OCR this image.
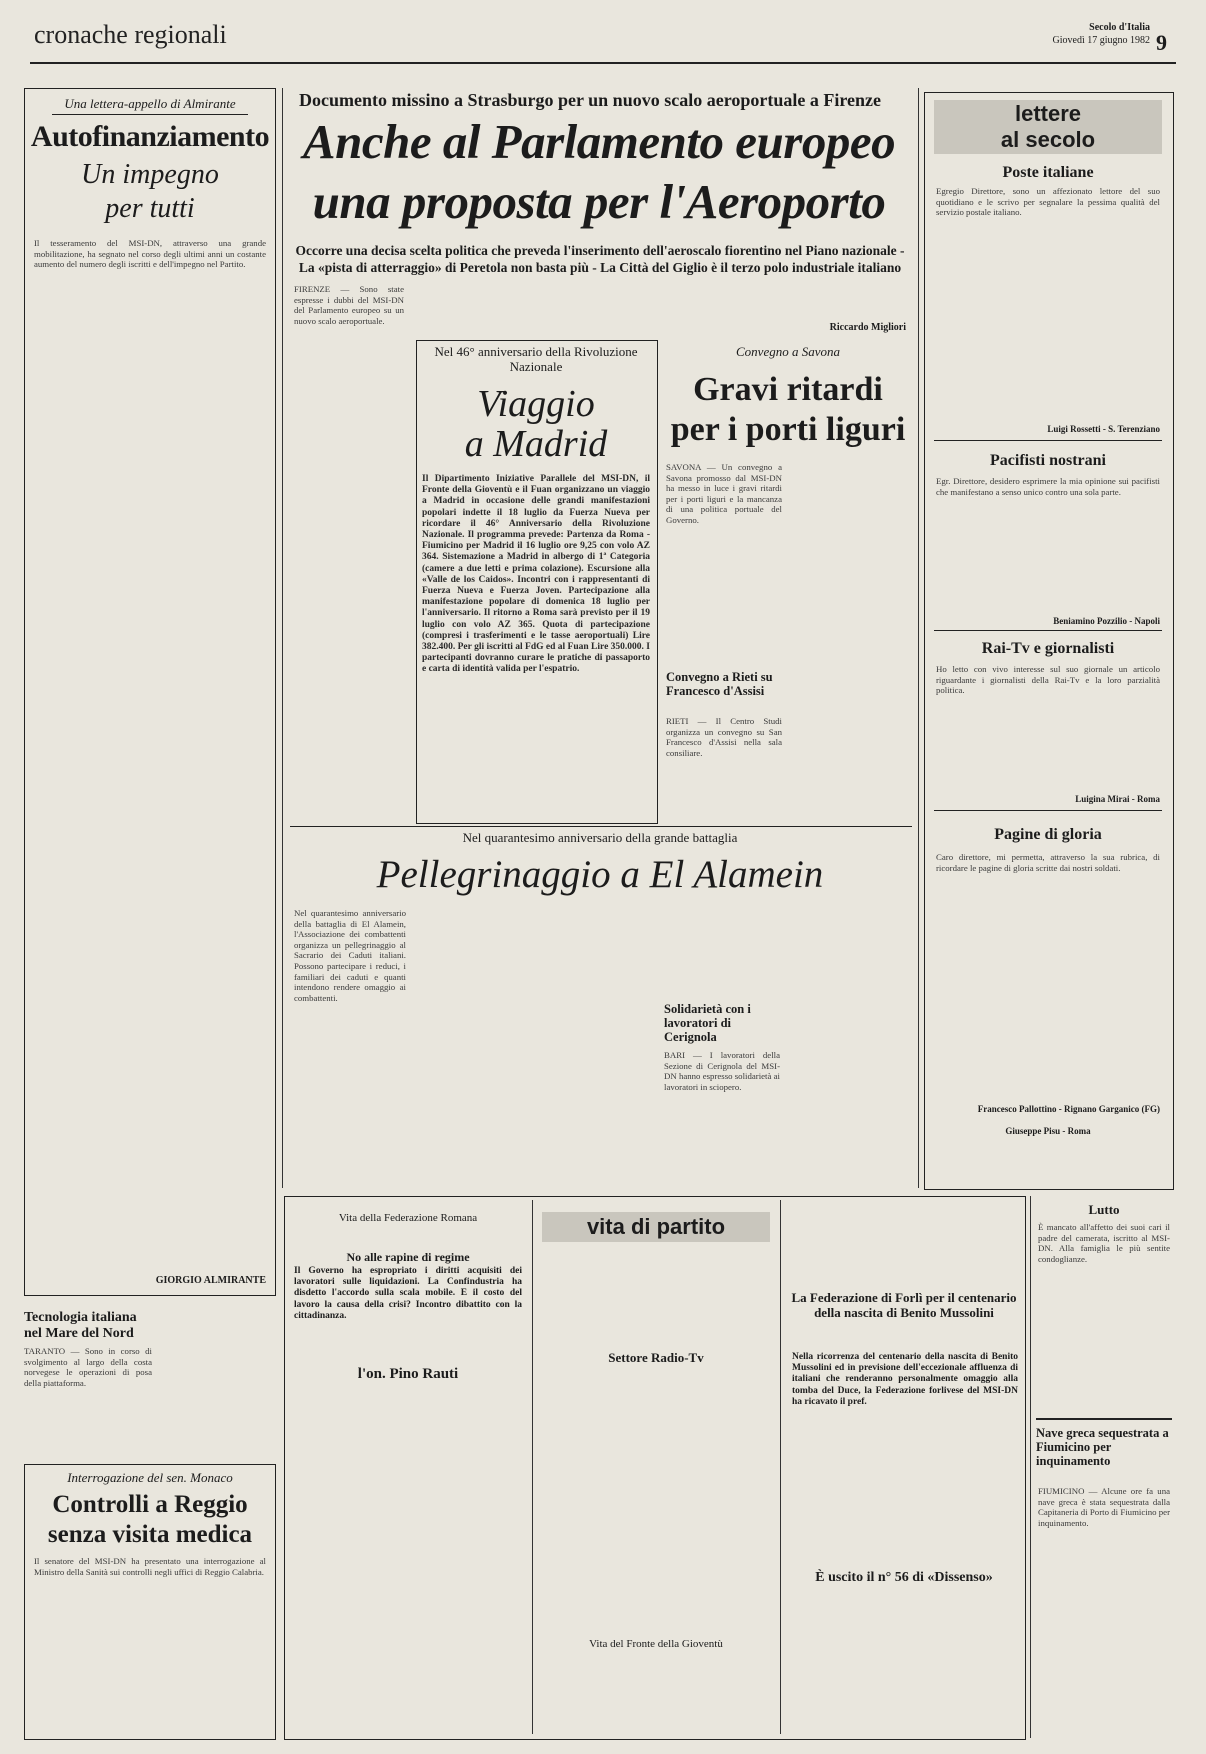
cronache regionali	Secolo d'Italia
Giovedì 17 giugno 1982 9
Una lettera-appello di Almirante
Autofinanziamento
Un impegno per tutti
Il tesseramento del MSI-DN, attraverso una grande mobilitazione, ha segnato nel corso degli ultimi anni un costante aumento del numero degli iscritti e dell'impegno nel Partito.
GIORGIO ALMIRANTE
Tecnologia italiana nel Mare del Nord
TARANTO — Sono in corso di svolgimento al largo della costa norvegese le operazioni di posa della piattaforma.
Interrogazione del sen. Monaco
Controlli a Reggio senza visita medica
Il senatore del MSI-DN ha presentato una interrogazione al Ministro della Sanità sui controlli negli uffici di Reggio Calabria.
Documento missino a Strasburgo per un nuovo scalo aeroportuale a Firenze
Anche al Parlamento europeo
una proposta per l'Aeroporto
Occorre una decisa scelta politica che preveda l'inserimento dell'aeroscalo fiorentino nel Piano nazionale - La «pista di atterraggio» di Peretola non basta più - La Città del Giglio è il terzo polo industriale italiano
FIRENZE — Sono state espresse i dubbi del MSI-DN del Parlamento europeo su un nuovo scalo aeroportuale.
Riccardo Migliori
Nel 46° anniversario della Rivoluzione Nazionale
Viaggio
a Madrid
Il Dipartimento Iniziative Parallele del MSI-DN, il Fronte della Gioventù e il Fuan organizzano un viaggio a Madrid in occasione delle grandi manifestazioni popolari indette il 18 luglio da Fuerza Nueva per ricordare il 46° Anniversario della Rivoluzione Nazionale. Il programma prevede: Partenza da Roma - Fiumicino per Madrid il 16 luglio ore 9,25 con volo AZ 364. Sistemazione a Madrid in albergo di 1ª Categoria (camere a due letti e prima colazione). Escursione alla «Valle de los Caidos». Incontri con i rappresentanti di Fuerza Nueva e Fuerza Joven. Partecipazione alla manifestazione popolare di domenica 18 luglio per l'anniversario. Il ritorno a Roma sarà previsto per il 19 luglio con volo AZ 365. Quota di partecipazione (compresi i trasferimenti e le tasse aeroportuali) Lire 382.400. Per gli iscritti al FdG ed al Fuan Lire 350.000. I partecipanti dovranno curare le pratiche di passaporto e carta di identità valida per l'espatrio.
Convegno a Savona
Gravi ritardi
per i porti liguri
SAVONA — Un convegno a Savona promosso dal MSI-DN ha messo in luce i gravi ritardi per i porti liguri e la mancanza di una politica portuale del Governo.
Convegno a Rieti su Francesco d'Assisi
RIETI — Il Centro Studi organizza un convegno su San Francesco d'Assisi nella sala consiliare.
Nel quarantesimo anniversario della grande battaglia
Pellegrinaggio a El Alamein
Nel quarantesimo anniversario della battaglia di El Alamein, l'Associazione dei combattenti organizza un pellegrinaggio al Sacrario dei Caduti italiani. Possono partecipare i reduci, i familiari dei caduti e quanti intendono rendere omaggio ai combattenti.
Solidarietà con i lavoratori di Cerignola
BARI — I lavoratori della Sezione di Cerignola del MSI-DN hanno espresso solidarietà ai lavoratori in sciopero.
lettere
al secolo
Poste italiane
Egregio Direttore, sono un affezionato lettore del suo quotidiano e le scrivo per segnalare la pessima qualità del servizio postale italiano.
Luigi Rossetti - S. Terenziano
Pacifisti nostrani
Egr. Direttore, desidero esprimere la mia opinione sui pacifisti che manifestano a senso unico contro una sola parte.
Beniamino Pozzilio - Napoli
Rai-Tv e giornalisti
Ho letto con vivo interesse sul suo giornale un articolo riguardante i giornalisti della Rai-Tv e la loro parzialità politica.
Luigina Mirai - Roma
Pagine di gloria
Caro direttore, mi permetta, attraverso la sua rubrica, di ricordare le pagine di gloria scritte dai nostri soldati.
Francesco Pallottino - Rignano Garganico (FG)
Giuseppe Pisu - Roma
Vita della Federazione Romana
No alle rapine di regime
Il Governo ha espropriato i diritti acquisiti dei lavoratori sulle liquidazioni. La Confindustria ha disdetto l'accordo sulla scala mobile. E il costo del lavoro la causa della crisi? Incontro dibattito con la cittadinanza.
l'on. Pino Rauti
vita di partito
Settore Radio-Tv
Vita del Fronte della Gioventù
La Federazione di Forlì per il centenario della nascita di Benito Mussolini
Nella ricorrenza del centenario della nascita di Benito Mussolini ed in previsione dell'eccezionale affluenza di italiani che renderanno personalmente omaggio alla tomba del Duce, la Federazione forlivese del MSI-DN ha ricavato il pref.
È uscito il n° 56 di «Dissenso»
Lutto
È mancato all'affetto dei suoi cari il padre del camerata, iscritto al MSI-DN. Alla famiglia le più sentite condoglianze.
Nave greca sequestrata a Fiumicino per inquinamento
FIUMICINO — Alcune ore fa una nave greca è stata sequestrata dalla Capitaneria di Porto di Fiumicino per inquinamento.
